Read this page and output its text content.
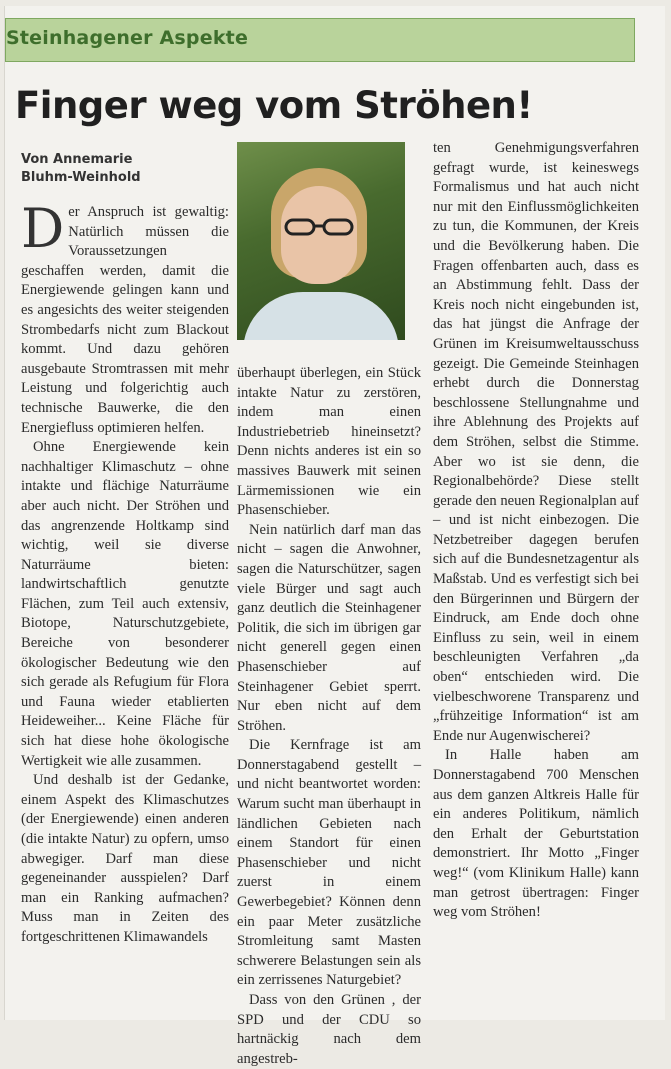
Steinhagener Aspekte
Finger weg vom Ströhen!
Von Annemarie
Bluhm-Weinhold

Der Anspruch ist gewaltig: Natürlich müssen die Voraussetzungen geschaffen werden, damit die Energiewende gelingen kann und es angesichts des weiter steigenden Strombedarfs nicht zum Blackout kommt. Und dazu gehören ausgebaute Stromtrassen mit mehr Leistung und folgerichtig auch technische Bauwerke, die den Energiefluss optimieren helfen.

Ohne Energiewende kein nachhaltiger Klimaschutz – ohne intakte und flächige Naturräume aber auch nicht. Der Ströhen und das angrenzende Holtkamp sind wichtig, weil sie diverse Naturräume bieten: landwirtschaftlich genutzte Flächen, zum Teil auch extensiv, Biotope, Naturschutzgebiete, Bereiche von besonderer ökologischer Bedeutung wie den sich gerade als Refugium für Flora und Fauna wieder etablierten Heideweiher... Keine Fläche für sich hat diese hohe ökologische Wertigkeit wie alle zusammen.

Und deshalb ist der Gedanke, einem Aspekt des Klimaschutzes (der Energiewende) einen anderen (die intakte Natur) zu opfern, umso abwegiger. Darf man diese gegeneinander ausspielen? Darf man ein Ranking aufmachen? Muss man in Zeiten des fortgeschrittenen Klimawandels

überhaupt überlegen, ein Stück intakte Natur zu zerstören, indem man einen Industriebetrieb hineinsetzt? Denn nichts anderes ist ein so massives Bauwerk mit seinen Lärmemissionen wie ein Phasenschieber.

Nein natürlich darf man das nicht – sagen die Anwohner, sagen die Naturschützer, sagen viele Bürger und sagt auch ganz deutlich die Steinhagener Politik, die sich im übrigen gar nicht generell gegen einen Phasenschieber auf Steinhagener Gebiet sperrt. Nur eben nicht auf dem Ströhen.

Die Kernfrage ist am Donnerstagabend gestellt – und nicht beantwortet worden: Warum sucht man überhaupt in ländlichen Gebieten nach einem Standort für einen Phasenschieber und nicht zuerst in einem Gewerbegebiet? Können denn ein paar Meter zusätzliche Stromleitung samt Masten schwerere Belastungen sein als ein zerrissenes Naturgebiet?

Dass von den Grünen , der SPD und der CDU so hartnäckig nach dem angestreb-

ten Genehmigungsverfahren gefragt wurde, ist keineswegs Formalismus und hat auch nicht nur mit den Einflussmöglichkeiten zu tun, die Kommunen, der Kreis und die Bevölkerung haben. Die Fragen offenbarten auch, dass es an Abstimmung fehlt. Dass der Kreis noch nicht eingebunden ist, das hat jüngst die Anfrage der Grünen im Kreisumweltausschuss gezeigt. Die Gemeinde Steinhagen erhebt durch die Donnerstag beschlossene Stellungnahme und ihre Ablehnung des Projekts auf dem Ströhen, selbst die Stimme. Aber wo ist sie denn, die Regionalbehörde? Diese stellt gerade den neuen Regionalplan auf – und ist nicht einbezogen. Die Netzbetreiber dagegen berufen sich auf die Bundesnetzagentur als Maßstab. Und es verfestigt sich bei den Bürgerinnen und Bürgern der Eindruck, am Ende doch ohne Einfluss zu sein, weil in einem beschleunigten Verfahren „da oben“ entschieden wird. Die vielbeschworene Transparenz und „frühzeitige Information“ ist am Ende nur Augenwischerei?

In Halle haben am Donnerstagabend 700 Menschen aus dem ganzen Altkreis Halle für ein anderes Politikum, nämlich den Erhalt der Geburtstation demonstriert. Ihr Motto „Finger weg!“ (vom Klinikum Halle) kann man getrost übertragen: Finger weg vom Ströhen!
